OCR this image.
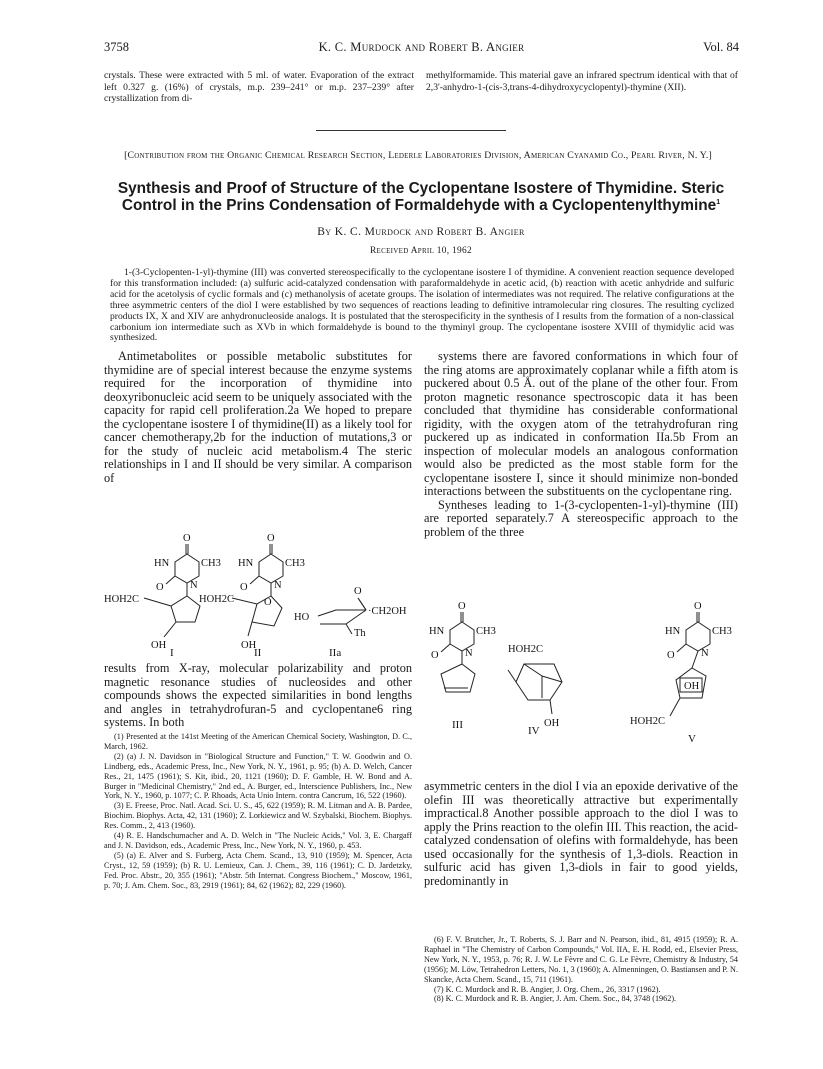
3758	K. C. Murdock and Robert B. Angier	Vol. 84
crystals. These were extracted with 5 ml. of water. Evaporation of the extract left 0.327 g. (16%) of crystals, m.p. 239–241° or m.p. 237–239° after crystallization from di-
methylformamide. This material gave an infrared spectrum identical with that of 2,3'-anhydro-1-(cis-3,trans-4-dihydroxycyclopentyl)-thymine (XII).
[Contribution from the Organic Chemical Research Section, Lederle Laboratories Division, American Cyanamid Co., Pearl River, N. Y.]
Synthesis and Proof of Structure of the Cyclopentane Isostere of Thymidine. Steric Control in the Prins Condensation of Formaldehyde with a Cyclopentenylthymine$^1$
By K. C. Murdock and Robert B. Angier
Received April 10, 1962
1-(3-Cyclopenten-1-yl)-thymine (III) was converted stereospecifically to the cyclopentane isostere I of thymidine. A convenient reaction sequence developed for this transformation included: (a) sulfuric acid-catalyzed condensation with paraformaldehyde in acetic acid, (b) reaction with acetic anhydride and sulfuric acid for the acetolysis of cyclic formals and (c) methanolysis of acetate groups. The isolation of intermediates was not required. The relative configurations at the three asymmetric centers of the diol I were established by two sequences of reactions leading to definitive intramolecular ring closures. The resulting cyclized products IX, X and XIV are anhydronucleoside analogs. It is postulated that the sterospecificity in the synthesis of I results from the formation of a non-classical carbonium ion intermediate such as XVb in which formaldehyde is bound to the thyminyl group. The cyclopentane isostere XVIII of thymidylic acid was synthesized.
Antimetabolites or possible metabolic substitutes for thymidine are of special interest because the enzyme systems required for the incorporation of thymidine into deoxyribonucleic acid seem to be uniquely associated with the capacity for rapid cell proliferation.2a We hoped to prepare the cyclopentane isostere I of thymidine(II) as a likely tool for cancer chemotherapy,2b for the induction of mutations,3 or for the study of nucleic acid metabolism.4 The steric relationships in I and II should be very similar. A comparison of
O
HN	CH3
O	N
HOH2C
OH
O
HN	CH3
O	N
HOH2C	O
OH
O
HO
·CH2OH
Th
I	II	IIa
results from X-ray, molecular polarizability and proton magnetic resonance studies of nucleosides and other compounds shows the expected similarities in bond lengths and angles in tetrahydrofuran-5 and cyclopentane6 ring systems. In both

(1) Presented at the 141st Meeting of the American Chemical Society, Washington, D. C., March, 1962.

(2) (a) J. N. Davidson in "Biological Structure and Function," T. W. Goodwin and O. Lindberg, eds., Academic Press, Inc., New York, N. Y., 1961, p. 95; (b) A. D. Welch, Cancer Res., 21, 1475 (1961); S. Kit, ibid., 20, 1121 (1960); D. F. Gamble, H. W. Bond and A. Burger in "Medicinal Chemistry," 2nd ed., A. Burger, ed., Interscience Publishers, Inc., New York, N. Y., 1960, p. 1077; C. P. Rhoads, Acta Unio Intern. contra Cancrum, 16, 522 (1960).

(3) E. Freese, Proc. Natl. Acad. Sci. U. S., 45, 622 (1959); R. M. Litman and A. B. Pardee, Biochim. Biophys. Acta, 42, 131 (1960); Z. Lorkiewicz and W. Szybalski, Biochem. Biophys. Res. Comm., 2, 413 (1960).

(4) R. E. Handschumacher and A. D. Welch in "The Nucleic Acids," Vol. 3, E. Chargaff and J. N. Davidson, eds., Academic Press, Inc., New York, N. Y., 1960, p. 453.

(5) (a) E. Alver and S. Furberg, Acta Chem. Scand., 13, 910 (1959); M. Spencer, Acta Cryst., 12, 59 (1959); (b) R. U. Lemieux, Can. J. Chem., 39, 116 (1961); C. D. Jardetzky, Fed. Proc. Abstr., 20, 355 (1961); "Abstr. 5th Internat. Congress Biochem.," Moscow, 1961, p. 70; J. Am. Chem. Soc., 83, 2919 (1961); 84, 62 (1962); 82, 229 (1960).

systems there are favored conformations in which four of the ring atoms are approximately coplanar while a fifth atom is puckered about 0.5 Å. out of the plane of the other four. From proton magnetic resonance spectroscopic data it has been concluded that thymidine has considerable conformational rigidity, with the oxygen atom of the tetrahydrofuran ring puckered up as indicated in conformation IIa.5b From an inspection of molecular models an analogous conformation would also be predicted as the most stable form for the cyclopentane isostere I, since it should minimize non-bonded interactions between the substituents on the cyclopentane ring.
Syntheses leading to 1-(3-cyclopenten-1-yl)-thymine (III) are reported separately.7 A stereospecific approach to the problem of the three
O
HN	CH3
O	N	HOH2C
OH
O
HN	CH3
O	N
OH
HOH2C
III	IV
V
asymmetric centers in the diol I via an epoxide derivative of the olefin III was theoretically attractive but experimentally impractical.8 Another possible approach to the diol I was to apply the Prins reaction to the olefin III. This reaction, the acid-catalyzed condensation of olefins with formaldehyde, has been used occasionally for the synthesis of 1,3-diols. Reaction in sulfuric acid has given 1,3-diols in fair to good yields, predominantly in

(6) F. V. Brutcher, Jr., T. Roberts, S. J. Barr and N. Pearson, ibid., 81, 4915 (1959); R. A. Raphael in "The Chemistry of Carbon Compounds," Vol. IIA, E. H. Rodd, ed., Elsevier Press, New York, N. Y., 1953, p. 76; R. J. W. Le Fèvre and C. G. Le Fèvre, Chemistry & Industry, 54 (1956); M. Löw, Tetrahedron Letters, No. 1, 3 (1960); A. Almenningen, O. Bastiansen and P. N. Skancke, Acta Chem. Scand., 15, 711 (1961).

(7) K. C. Murdock and R. B. Angier, J. Org. Chem., 26, 3317 (1962).

(8) K. C. Murdock and R. B. Angier, J. Am. Chem. Soc., 84, 3748 (1962).
